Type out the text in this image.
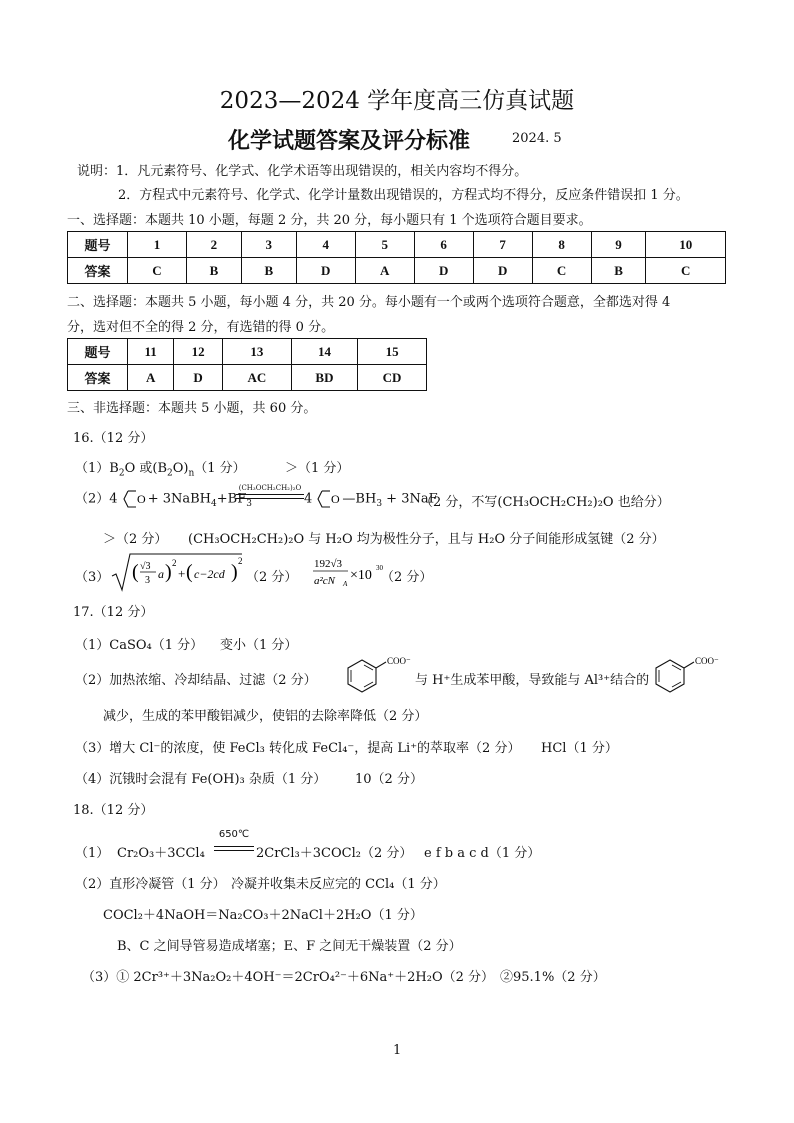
2023—2024 学年度高三仿真试题
化学试题答案及评分标准	2024. 5
说明：1．凡元素符号、化学式、化学术语等出现错误的，相关内容均不得分。
2．方程式中元素符号、化学式、化学计量数出现错误的，方程式均不得分，反应条件错误扣 1 分。
一、选择题：本题共 10 小题，每题 2 分，共 20 分，每小题只有 1 个选项符合题目要求。
题号	1	2	3	4	5	6	7	8	9	10
答案	C	B	B	D	A	D	D	C	B	C
二、选择题：本题共 5 小题，每小题 4 分，共 20 分。每小题有一个或两个选项符合题意，全都选对得 4
分，选对但不全的得 2 分，有选错的得 0 分。
题号	11	12	13	14	15
答案	A	D	AC	BD	CD
三、非选择题：本题共 5 小题，共 60 分。
16.（12 分）
$(1)B_2O$ 或$(B_2O)_n(1$ 分）	＞（1 分）
（2）4 $O + 3NaBH_4+BF_3$
(CH₃OCH₂CH₂)₂O
4 O $—BH_3 + 3NaF$
（2 分，不写(CH₃OCH₂CH₂)₂O 也给分）
＞（2 分） (CH₃OCH₂CH₂)₂O 与 H₂O 均为极性分子，且与 H₂O 分子间能形成氢键（2 分）
（3） ( √3
3 a ) 2
+ ( c−2cd ) 2
（2 分）
192√3
a²cN A
×10 30
（2 分）
17.（12 分）
（1）CaSO₄（1 分） 变小（1 分）
（2）加热浓缩、冷却结晶、过滤（2 分）
COO⁻
与 H⁺生成苯甲酸，导致能与 Al³⁺结合的
COO⁻
减少，生成的苯甲酸铝减少，使铝的去除率降低（2 分）
（3）增大 Cl⁻的浓度，使 FeCl₃ 转化成 FeCl₄⁻，提高 Li⁺的萃取率（2 分） HCl（1 分）
（4）沉锇时会混有 Fe(OH)₃ 杂质（1 分） 10（2 分）
18.（12 分）
（1） Cr₂O₃＋3CCl₄
650℃
2CrCl₃＋3COCl₂（2 分） e f b a c d（1 分）
（2）直形冷凝管（1 分） 冷凝并收集未反应完的 CCl₄（1 分）
COCl₂＋4NaOH＝Na₂CO₃＋2NaCl＋2H₂O（1 分）
B、C 之间导管易造成堵塞；E、F 之间无干燥装置（2 分）
（3）① 2Cr³⁺＋3Na₂O₂＋4OH⁻＝2CrO₄²⁻＋6Na⁺＋2H₂O（2 分） ②95.1%（2 分）
1
